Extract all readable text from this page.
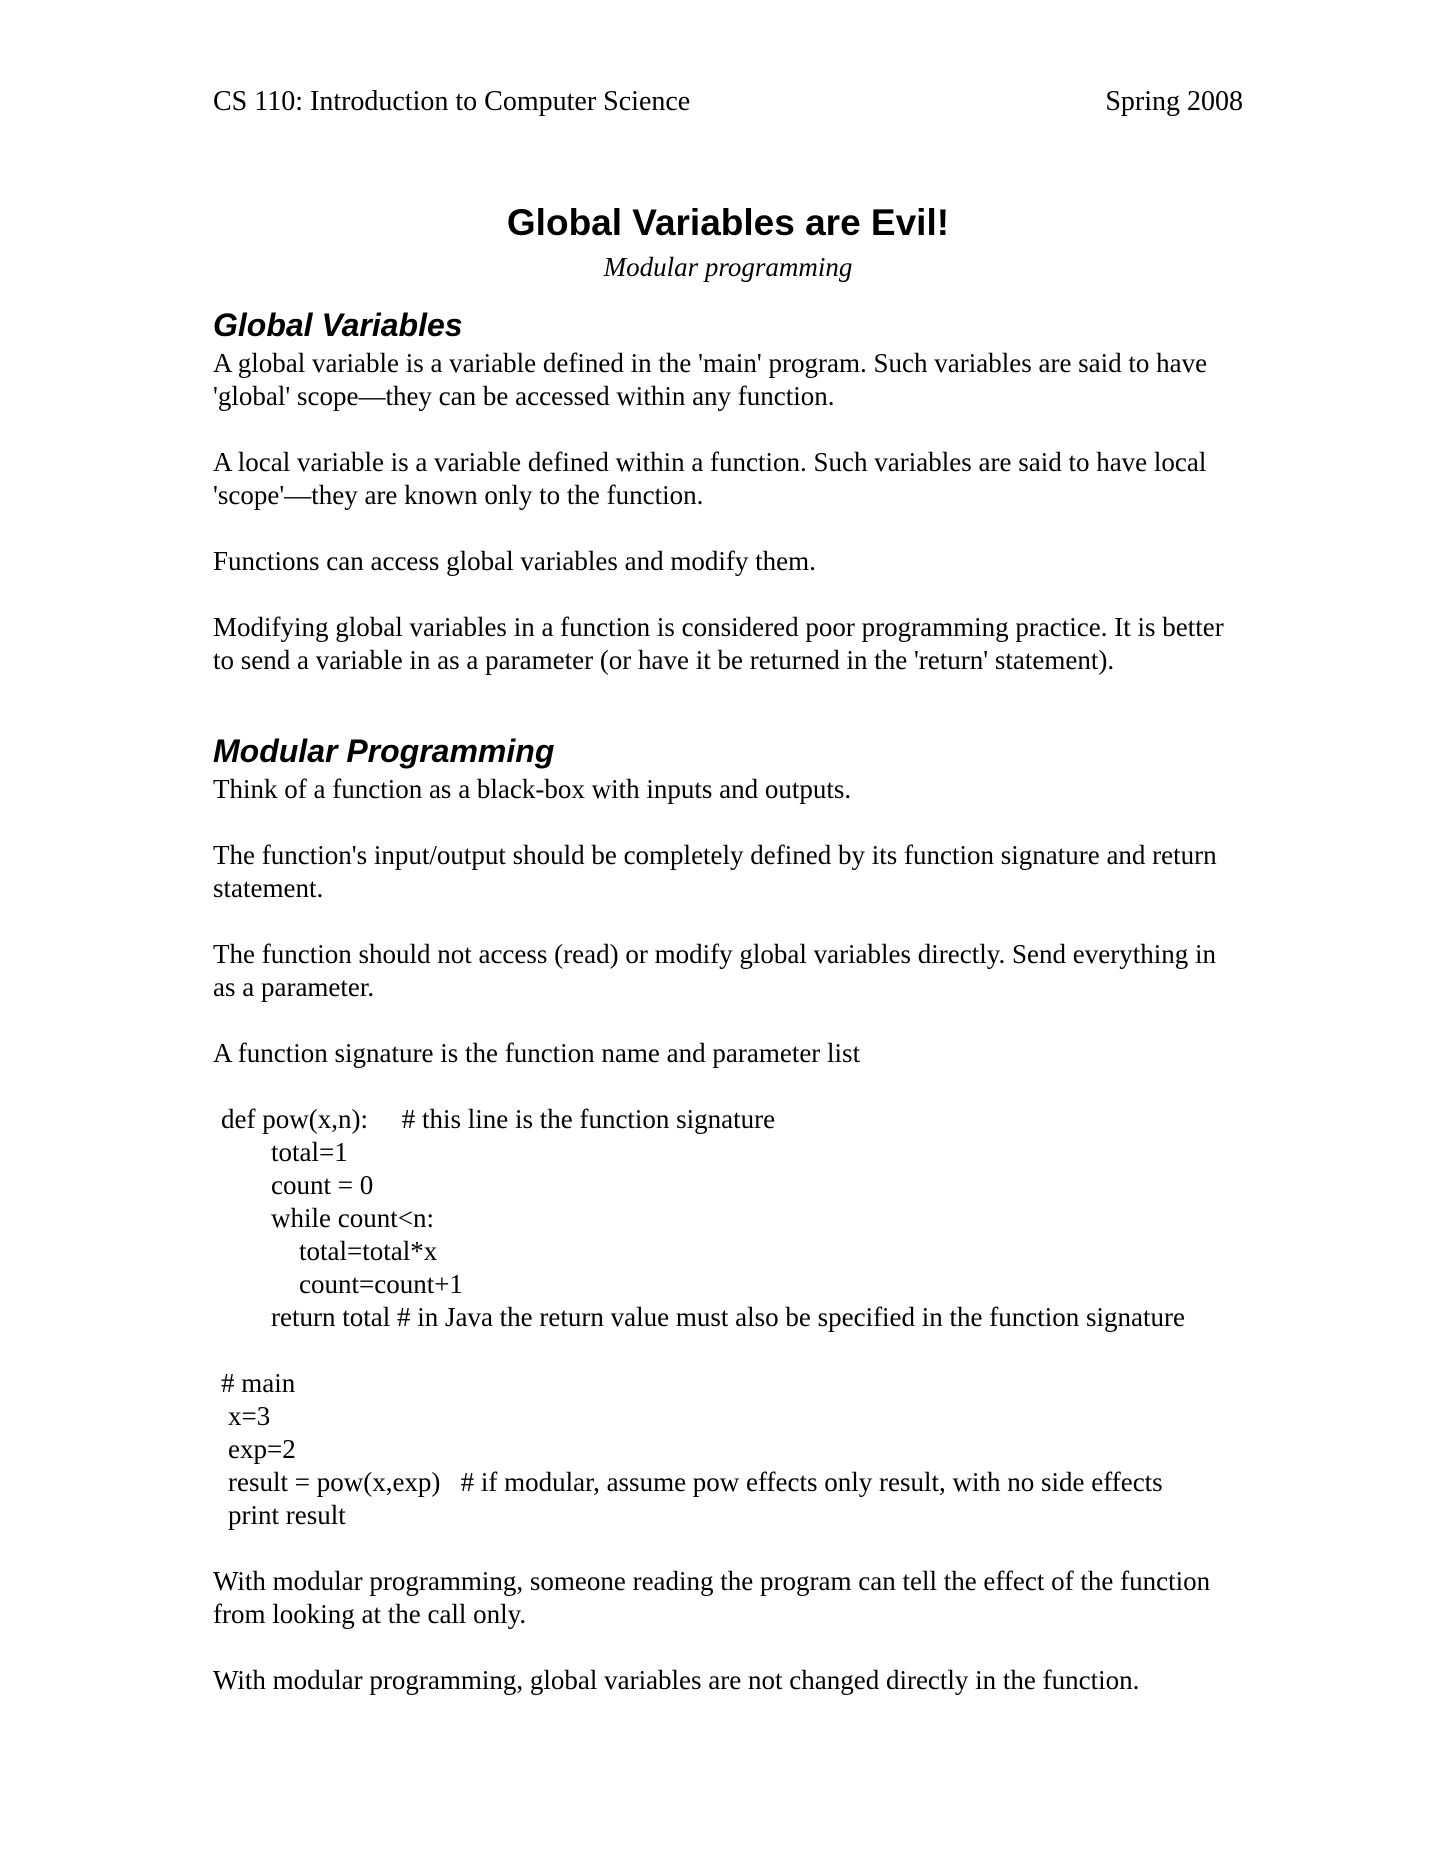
CS 110: Introduction to Computer Science	Spring 2008
Global Variables are Evil!
Modular programming
Global Variables

A global variable is a variable defined in the 'main' program. Such variables are said to have 'global' scope—they can be accessed within any function.

A local variable is a variable defined within a function. Such variables are said to have local 'scope'—they are known only to the function.

Functions can access global variables and modify them.

Modifying global variables in a function is considered poor programming practice. It is better to send a variable in as a parameter (or have it be returned in the 'return' statement).

Modular Programming

Think of a function as a black-box with inputs and outputs.

The function's input/output should be completely defined by its function signature and return statement.

The function should not access (read) or modify global variables directly. Send everything in as a parameter.

A function signature is the function name and parameter list

def pow(x,n):     # this line is the function signature
total=1
count = 0
while count<n:
total=total*x
count=count+1
return total # in Java the return value must also be specified in the function signature
# main
x=3
exp=2
result = pow(x,exp)   # if modular, assume pow effects only result, with no side effects
print result

With modular programming, someone reading the program can tell the effect of the function from looking at the call only.

With modular programming, global variables are not changed directly in the function.
